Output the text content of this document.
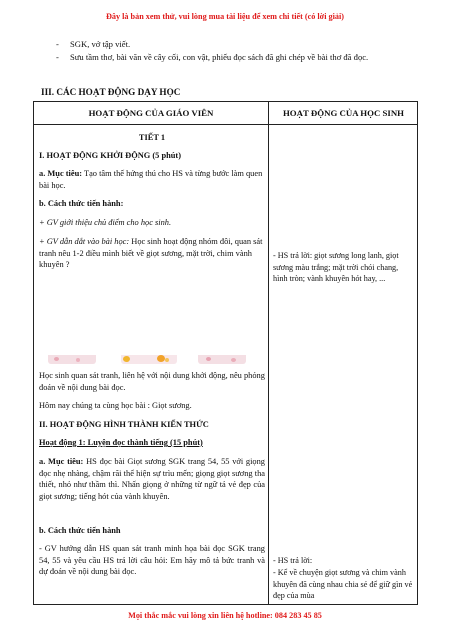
Đây là bản xem thử, vui lòng mua tài liệu để xem chi tiết (có lời giải)
- SGK, vở tập viết.
- Sưu tầm thơ, bài văn về cây cối, con vật, phiếu đọc sách đã ghi chép về bài thơ đã đọc.
III. CÁC HOẠT ĐỘNG DẠY HỌC
HOẠT ĐỘNG CỦA GIÁO VIÊN	HOẠT ĐỘNG CỦA HỌC SINH
TIẾT 1
I. HOẠT ĐỘNG KHỞI ĐỘNG (5 phút)
a. Mục tiêu: Tạo tâm thế hứng thú cho HS và từng bước làm quen bài học.
b. Cách thức tiến hành:
+ GV giới thiệu chủ điểm cho học sinh.
+ GV dẫn dắt vào bài học: Học sinh hoạt động nhóm đôi, quan sát tranh nêu 1-2 điều mình biết về giọt sương, mặt trời, chim vành khuyên ?
Học sinh quan sát tranh, liên hệ với nội dung khởi động, nêu phỏng đoán về nội dung bài đọc.
Hôm nay chúng ta cùng học bài : Giọt sương.
II. HOẠT ĐỘNG HÌNH THÀNH KIẾN THỨC
Hoạt động 1: Luyện đọc thành tiếng (15 phút)
a. Mục tiêu: HS đọc bài Giọt sương SGK trang 54, 55 với giọng đọc nhẹ nhàng, chậm rãi thể hiện sự trìu mến; giọng giọt sương tha thiết, nhỏ như thầm thì. Nhấn giọng ở những từ ngữ tả vẻ đẹp của giọt sương; tiếng hót của vành khuyên.
b. Cách thức tiến hành
- GV hướng dẫn HS quan sát tranh minh họa bài đọc SGK trang 54, 55 và yêu cầu HS trả lời câu hỏi: Em hãy mô tả bức tranh và dự đoán về nội dung bài đọc.
- HS trả lời: giọt sương long lanh, giọt sương màu trắng; mặt trời chói chang, hình tròn; vành khuyên hót hay, ...
- HS trả lời:
- Kể về chuyện giọt sương và chim vành khuyên đã cùng nhau chia sẻ để giữ gìn vẻ đẹp của mùa
Mọi thắc mắc vui lòng xin liên hệ hotline: 084 283 45 85
